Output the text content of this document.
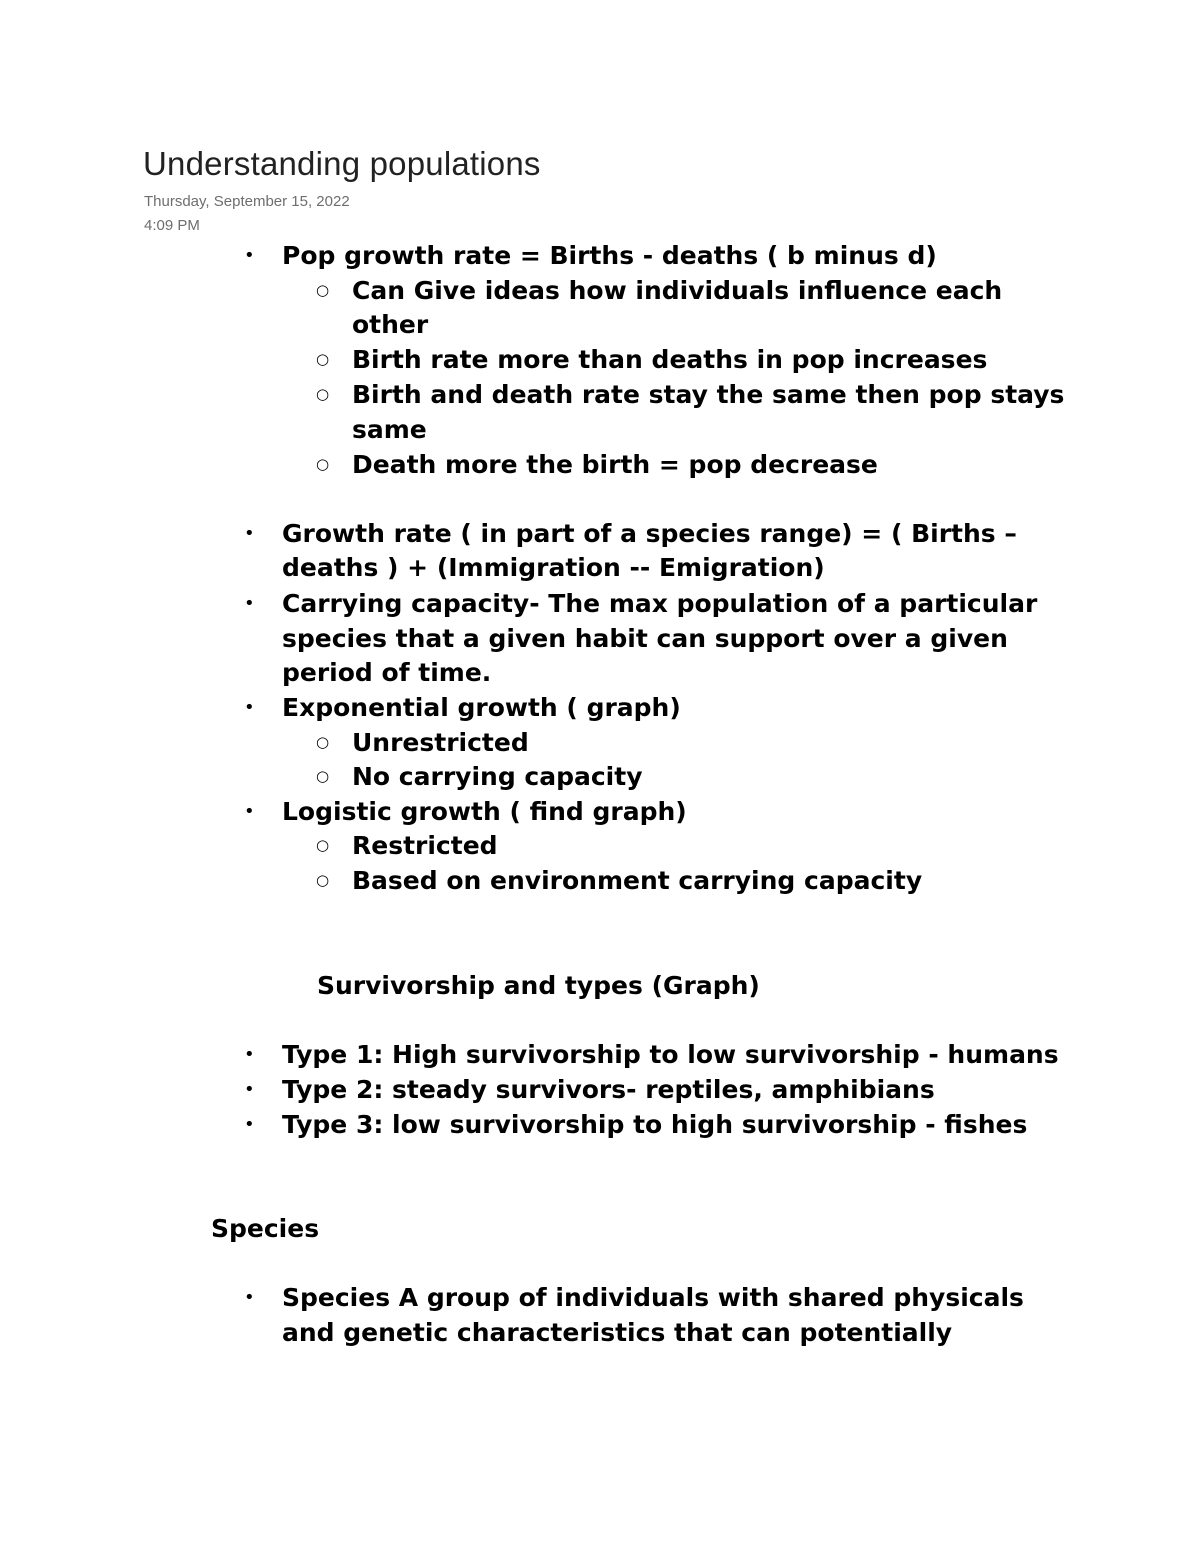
Understanding populations
Thursday, September 15, 2022
4:09 PM
• Pop growth rate = Births - deaths ( b minus d)
○ Can Give ideas how individuals influence each
other
○ Birth rate more than deaths in pop increases
○ Birth and death rate stay the same then pop stays
same
○ Death more the birth = pop decrease
• Growth rate ( in part of a species range) = ( Births –
deaths ) + (Immigration -- Emigration)
• Carrying capacity- The max population of a particular
species that a given habit can support over a given
period of time.
• Exponential growth ( graph)
○ Unrestricted
○ No carrying capacity
• Logistic growth ( find graph)
○ Restricted
○ Based on environment carrying capacity
Survivorship and types (Graph)
• Type 1: High survivorship to low survivorship - humans
• Type 2: steady survivors- reptiles, amphibians
• Type 3: low survivorship to high survivorship - fishes
Species
• Species A group of individuals with shared physicals
and genetic characteristics that can potentially
